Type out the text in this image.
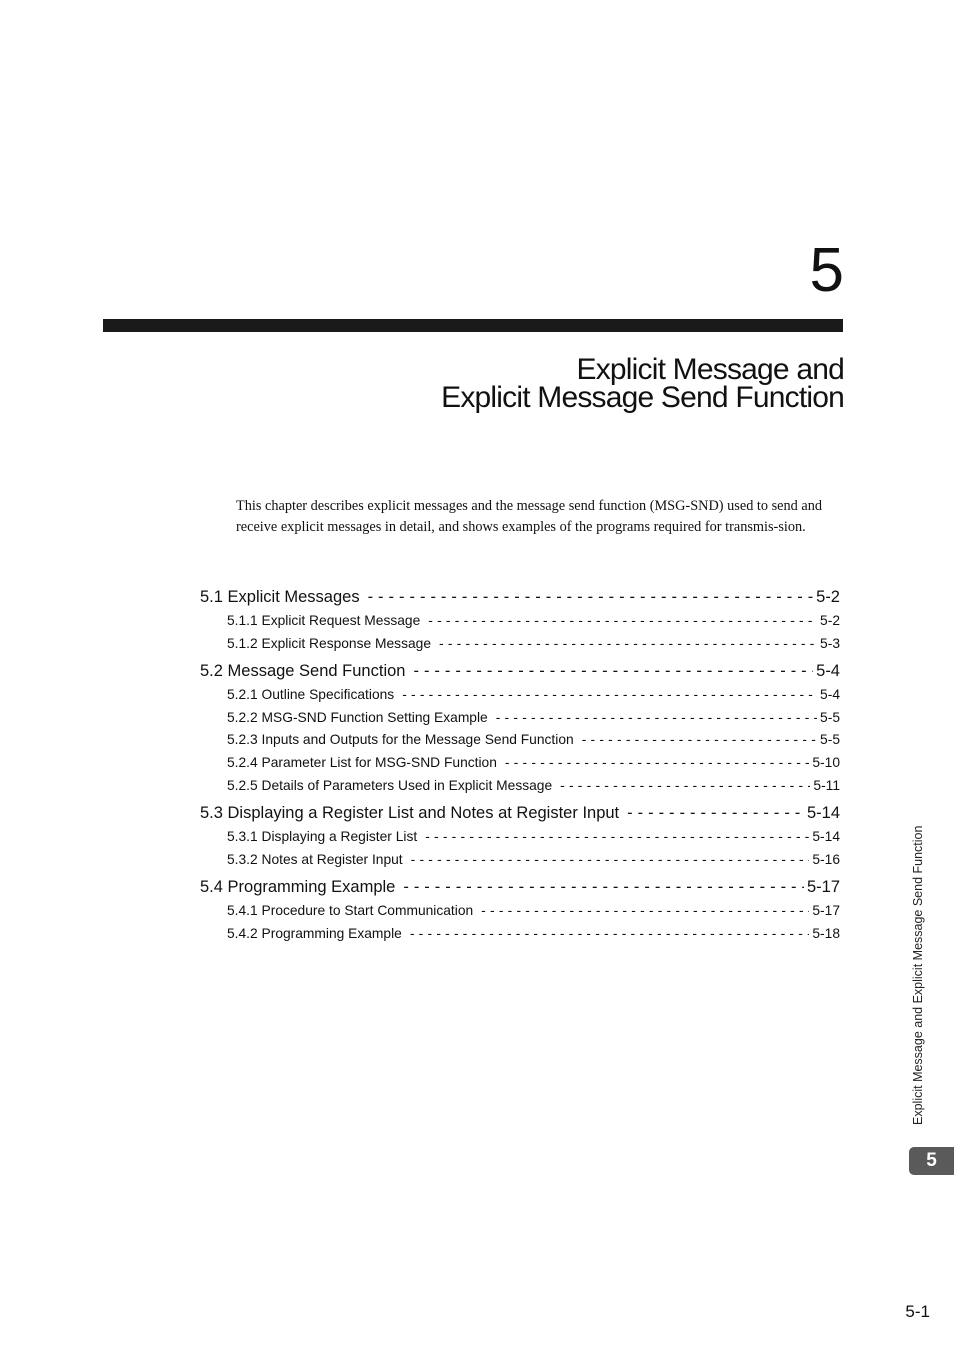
5
Explicit Message and
Explicit Message Send Function

This chapter describes explicit messages and the message send function (MSG-SND) used to send and receive explicit messages in detail, and shows examples of the programs required for transmis-sion.

5.1 Explicit Messages - - -	5-2
5.1.1 Explicit Request Message - - -	5-2
5.1.2 Explicit Response Message - - -	5-3
5.2 Message Send Function - - -	5-4
5.2.1 Outline Specifications - - -	5-4
5.2.2 MSG-SND Function Setting Example - - -	5-5
5.2.3 Inputs and Outputs for the Message Send Function - - -	5-5
5.2.4 Parameter List for MSG-SND Function - - -	5-10
5.2.5 Details of Parameters Used in Explicit Message - - -	5-11
5.3 Displaying a Register List and Notes at Register Input - - -	5-14
5.3.1 Displaying a Register List - - -	5-14
5.3.2 Notes at Register Input - - -	5-16
5.4 Programming Example - - -	5-17
5.4.1 Procedure to Start Communication - - -	5-17
5.4.2 Programming Example - - -	5-18	Explicit Message and Explicit Message Send Function
5
5-1
